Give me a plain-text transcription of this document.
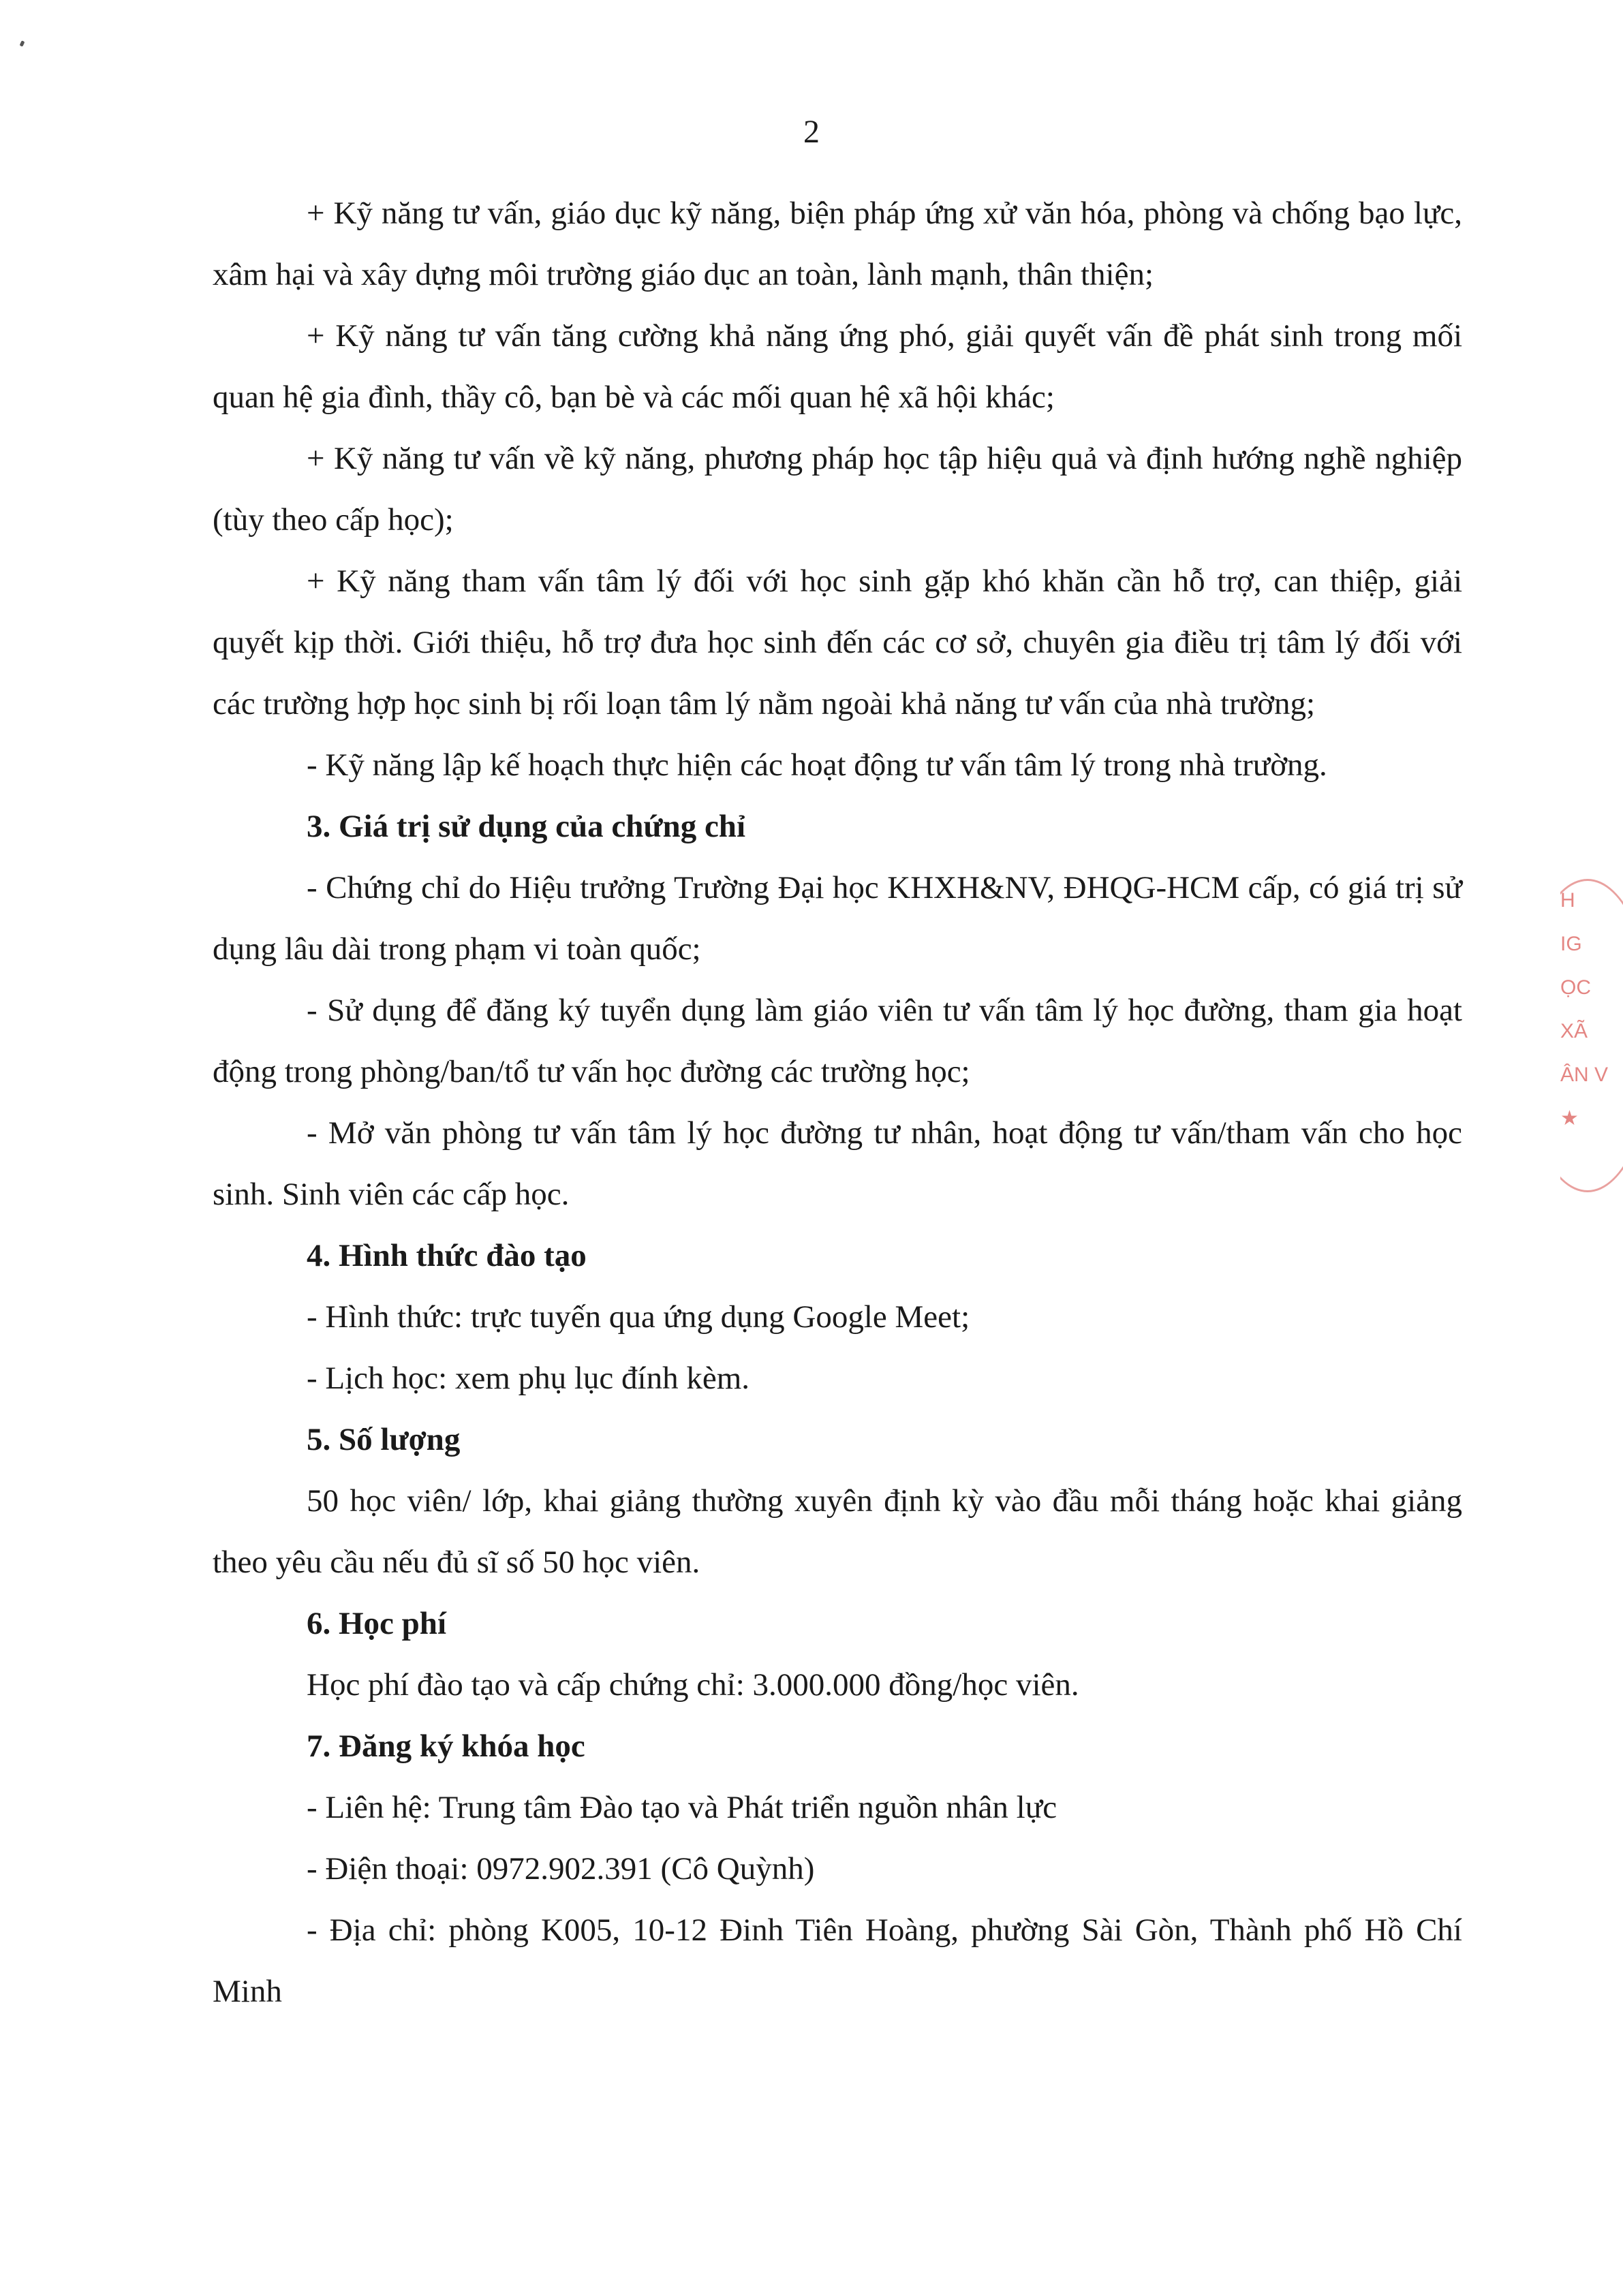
2

+ Kỹ năng tư vấn, giáo dục kỹ năng, biện pháp ứng xử văn hóa, phòng và chống bạo lực, xâm hại và xây dựng môi trường giáo dục an toàn, lành mạnh, thân thiện;

+ Kỹ năng tư vấn tăng cường khả năng ứng phó, giải quyết vấn đề phát sinh trong mối quan hệ gia đình, thầy cô, bạn bè và các mối quan hệ xã hội khác;

+ Kỹ năng tư vấn về kỹ năng, phương pháp học tập hiệu quả và định hướng nghề nghiệp (tùy theo cấp học);

+ Kỹ năng tham vấn tâm lý đối với học sinh gặp khó khăn cần hỗ trợ, can thiệp, giải quyết kịp thời. Giới thiệu, hỗ trợ đưa học sinh đến các cơ sở, chuyên gia điều trị tâm lý đối với các trường hợp học sinh bị rối loạn tâm lý nằm ngoài khả năng tư vấn của nhà trường;

- Kỹ năng lập kế hoạch thực hiện các hoạt động tư vấn tâm lý trong nhà trường.

3. Giá trị sử dụng của chứng chỉ

- Chứng chỉ do Hiệu trưởng Trường Đại học KHXH&NV, ĐHQG-HCM cấp, có giá trị sử dụng lâu dài trong phạm vi toàn quốc;

- Sử dụng để đăng ký tuyển dụng làm giáo viên tư vấn tâm lý học đường, tham gia hoạt động trong phòng/ban/tổ tư vấn học đường các trường học;

- Mở văn phòng tư vấn tâm lý học đường tư nhân, hoạt động tư vấn/tham vấn cho học sinh. Sinh viên các cấp học.

4. Hình thức đào tạo

- Hình thức: trực tuyến qua ứng dụng Google Meet;

- Lịch học: xem phụ lục đính kèm.

5. Số lượng

50 học viên/ lớp, khai giảng thường xuyên định kỳ vào đầu mỗi tháng hoặc khai giảng theo yêu cầu nếu đủ sĩ số 50 học viên.

6. Học phí

Học phí đào tạo và cấp chứng chỉ: 3.000.000 đồng/học viên.

7. Đăng ký khóa học

- Liên hệ: Trung tâm Đào tạo và Phát triển nguồn nhân lực

- Điện thoại: 0972.902.391 (Cô Quỳnh)

- Địa chỉ: phòng K005, 10-12 Đinh Tiên Hoàng, phường Sài Gòn, Thành phố Hồ Chí Minh

H
IG
ỌC
XÃ
ÂN V
★
